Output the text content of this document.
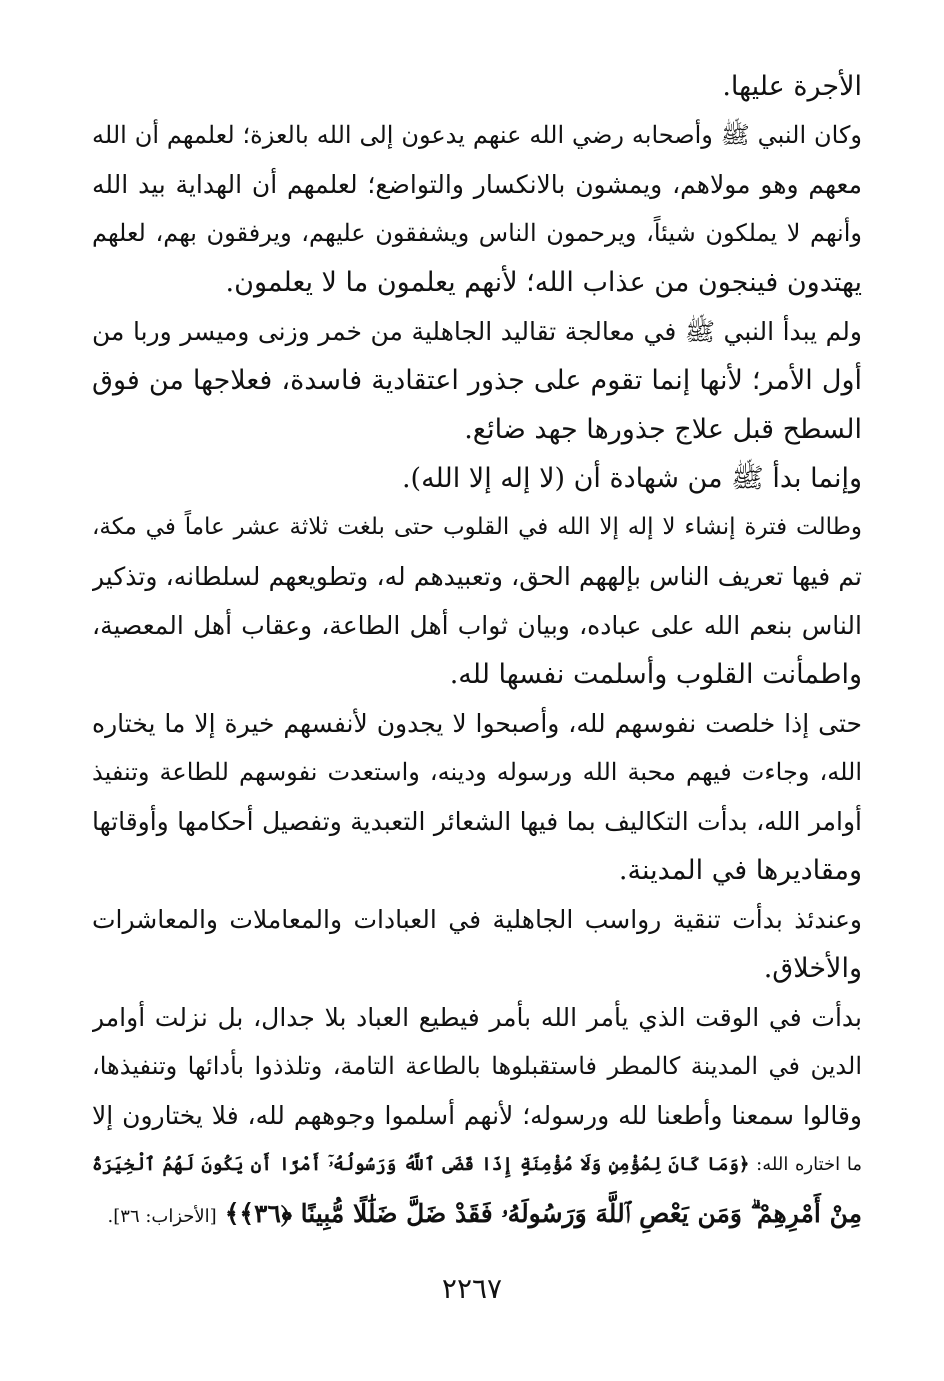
الأجرة عليها.
وكان النبي ﷺ وأصحابه رضي الله عنهم يدعون إلى الله بالعزة؛ لعلمهم أن الله
معهم وهو مولاهم، ويمشون بالانكسار والتواضع؛ لعلمهم أن الهداية بيد الله
وأنهم لا يملكون شيئاً، ويرحمون الناس ويشفقون عليهم، ويرفقون بهم، لعلهم
يهتدون فينجون من عذاب الله؛ لأنهم يعلمون ما لا يعلمون.
ولم يبدأ النبي ﷺ في معالجة تقاليد الجاهلية من خمر وزنى وميسر وربا من
أول الأمر؛ لأنها إنما تقوم على جذور اعتقادية فاسدة، فعلاجها من فوق
السطح قبل علاج جذورها جهد ضائع.
وإنما بدأ ﷺ من شهادة أن (لا إله إلا الله).
وطالت فترة إنشاء لا إله إلا الله في القلوب حتى بلغت ثلاثة عشر عاماً في مكة،
تم فيها تعريف الناس بإلههم الحق، وتعبيدهم له، وتطويعهم لسلطانه، وتذكير
الناس بنعم الله على عباده، وبيان ثواب أهل الطاعة، وعقاب أهل المعصية،
واطمأنت القلوب وأسلمت نفسها لله.
حتى إذا خلصت نفوسهم لله، وأصبحوا لا يجدون لأنفسهم خيرة إلا ما يختاره
الله، وجاءت فيهم محبة الله ورسوله ودينه، واستعدت نفوسهم للطاعة وتنفيذ
أوامر الله، بدأت التكاليف بما فيها الشعائر التعبدية وتفصيل أحكامها وأوقاتها
ومقاديرها في المدينة.
وعندئذ بدأت تنقية رواسب الجاهلية في العبادات والمعاملات والمعاشرات
والأخلاق.
بدأت في الوقت الذي يأمر الله بأمر فيطيع العباد بلا جدال، بل نزلت أوامر
الدين في المدينة كالمطر فاستقبلوها بالطاعة التامة، وتلذذوا بأدائها وتنفيذها،
وقالوا سمعنا وأطعنا لله ورسوله؛ لأنهم أسلموا وجوههم لله، فلا يختارون إلا
ما اختاره الله: ﴿وَمَا كَانَ لِمُؤْمِنٍ وَلَا مُؤْمِنَةٍ إِذَا قَضَى ٱللَّهُ وَرَسُولُهُۥٓ أَمْرًا أَن يَكُونَ لَهُمُ ٱلْخِيَرَةُ
مِنْ أَمْرِهِمْ ۗ وَمَن يَعْصِ ٱللَّهَ وَرَسُولَهُۥ فَقَدْ ضَلَّ ضَلَٰلًا مُّبِينًا ﴿٣٦﴾﴾[الأحزاب: ٣٦].
٢٢٦٧
